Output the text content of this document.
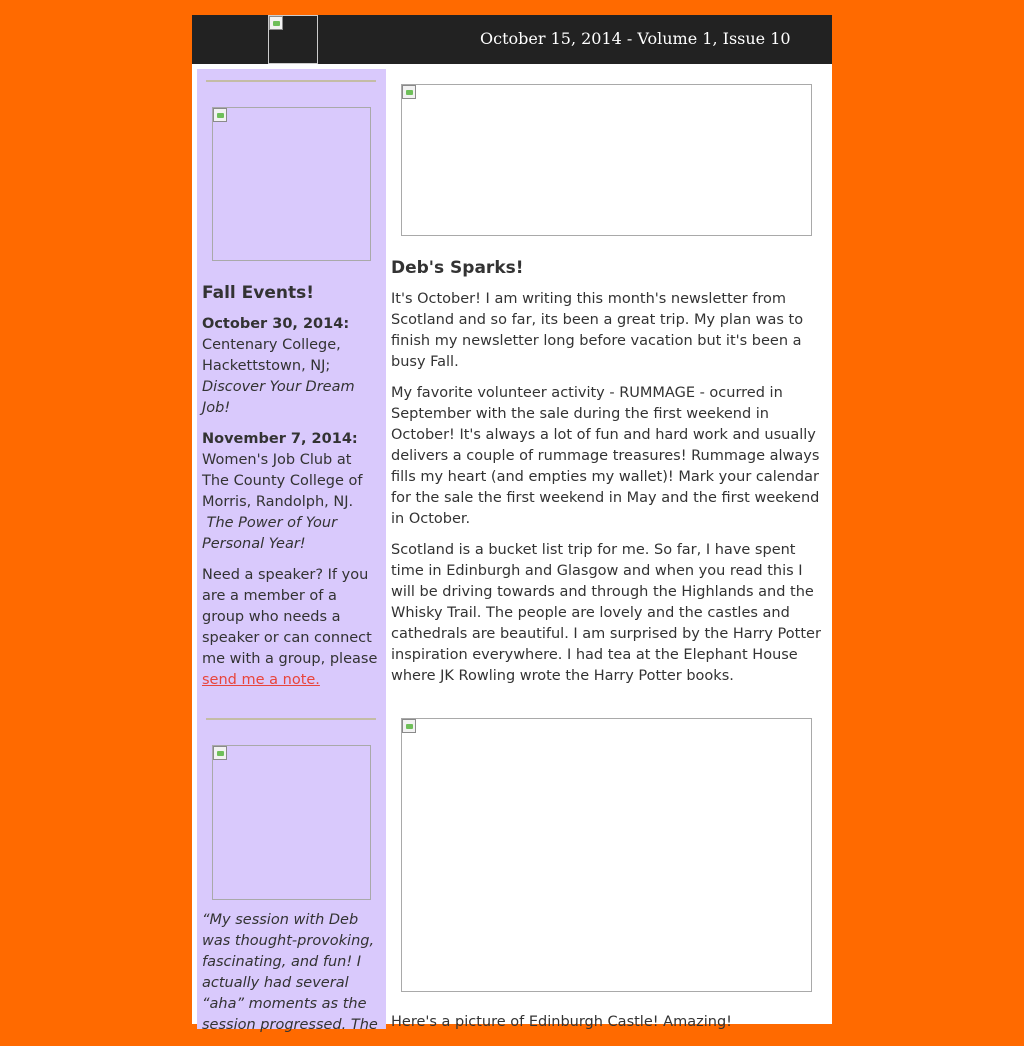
October 15, 2014 - Volume 1, Issue 10
Fall Events!

October 30, 2014:
Centenary College, Hackettstown, NJ;
Discover Your Dream Job!

November 7, 2014:
Women's Job Club at The County College of Morris, Randolph, NJ.
The Power of Your Personal Year!

Need a speaker? If you are a member of a group who needs a speaker or can connect me with a group, please send me a note.

“My session with Deb was thought-provoking, fascinating, and fun! I actually had several “aha” moments as the session progressed. The

Deb's Sparks!

It's October! I am writing this month's newsletter from Scotland and so far, its been a great trip. My plan was to finish my newsletter long before vacation but it's been a busy Fall.

My favorite volunteer activity - RUMMAGE - ocurred in September with the sale during the first weekend in October! It's always a lot of fun and hard work and usually delivers a couple of rummage treasures! Rummage always fills my heart (and empties my wallet)! Mark your calendar for the sale the first weekend in May and the first weekend in October.

Scotland is a bucket list trip for me. So far, I have spent time in Edinburgh and Glasgow and when you read this I will be driving towards and through the Highlands and the Whisky Trail. The people are lovely and the castles and cathedrals are beautiful. I am surprised by the Harry Potter inspiration everywhere. I had tea at the Elephant House where JK Rowling wrote the Harry Potter books.

Here's a picture of Edinburgh Castle! Amazing!
